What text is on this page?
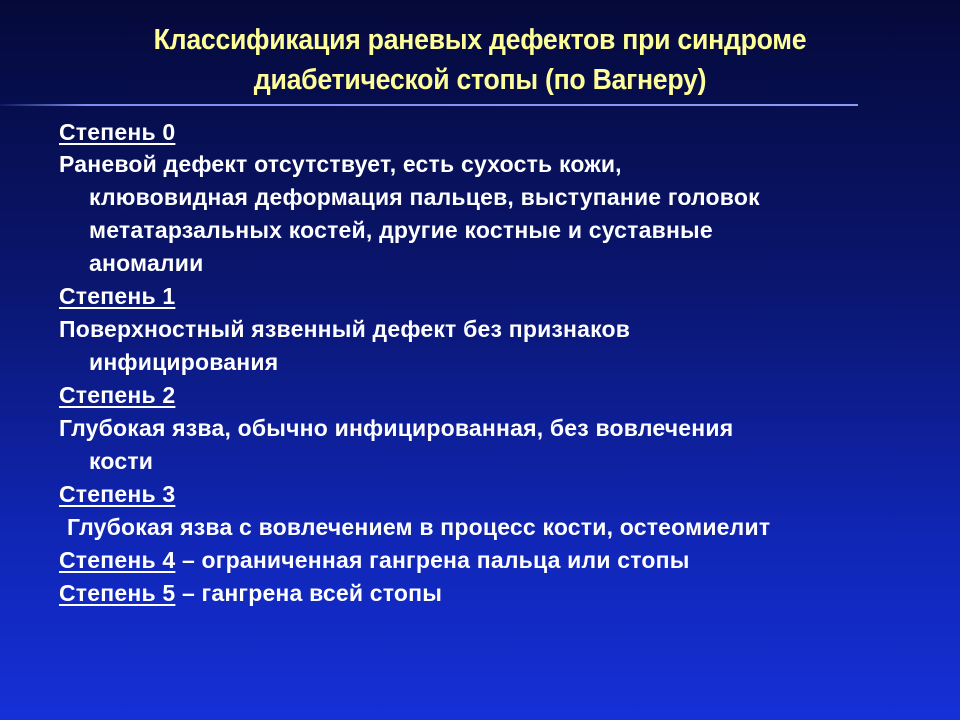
Классификация раневых дефектов при синдроме
диабетической стопы (по Вагнеру)
Степень 0
Раневой дефект отсутствует, есть сухость кожи,
клювовидная деформация пальцев, выступание головок
метатарзальных костей, другие костные и суставные
аномалии
Степень 1
Поверхностный язвенный дефект без признаков
инфицирования
Степень 2
Глубокая язва, обычно инфицированная, без вовлечения
кости
Степень 3
Глубокая язва с вовлечением в процесс кости, остеомиелит
Степень 4 – ограниченная гангрена пальца или стопы
Степень 5 – гангрена всей стопы
